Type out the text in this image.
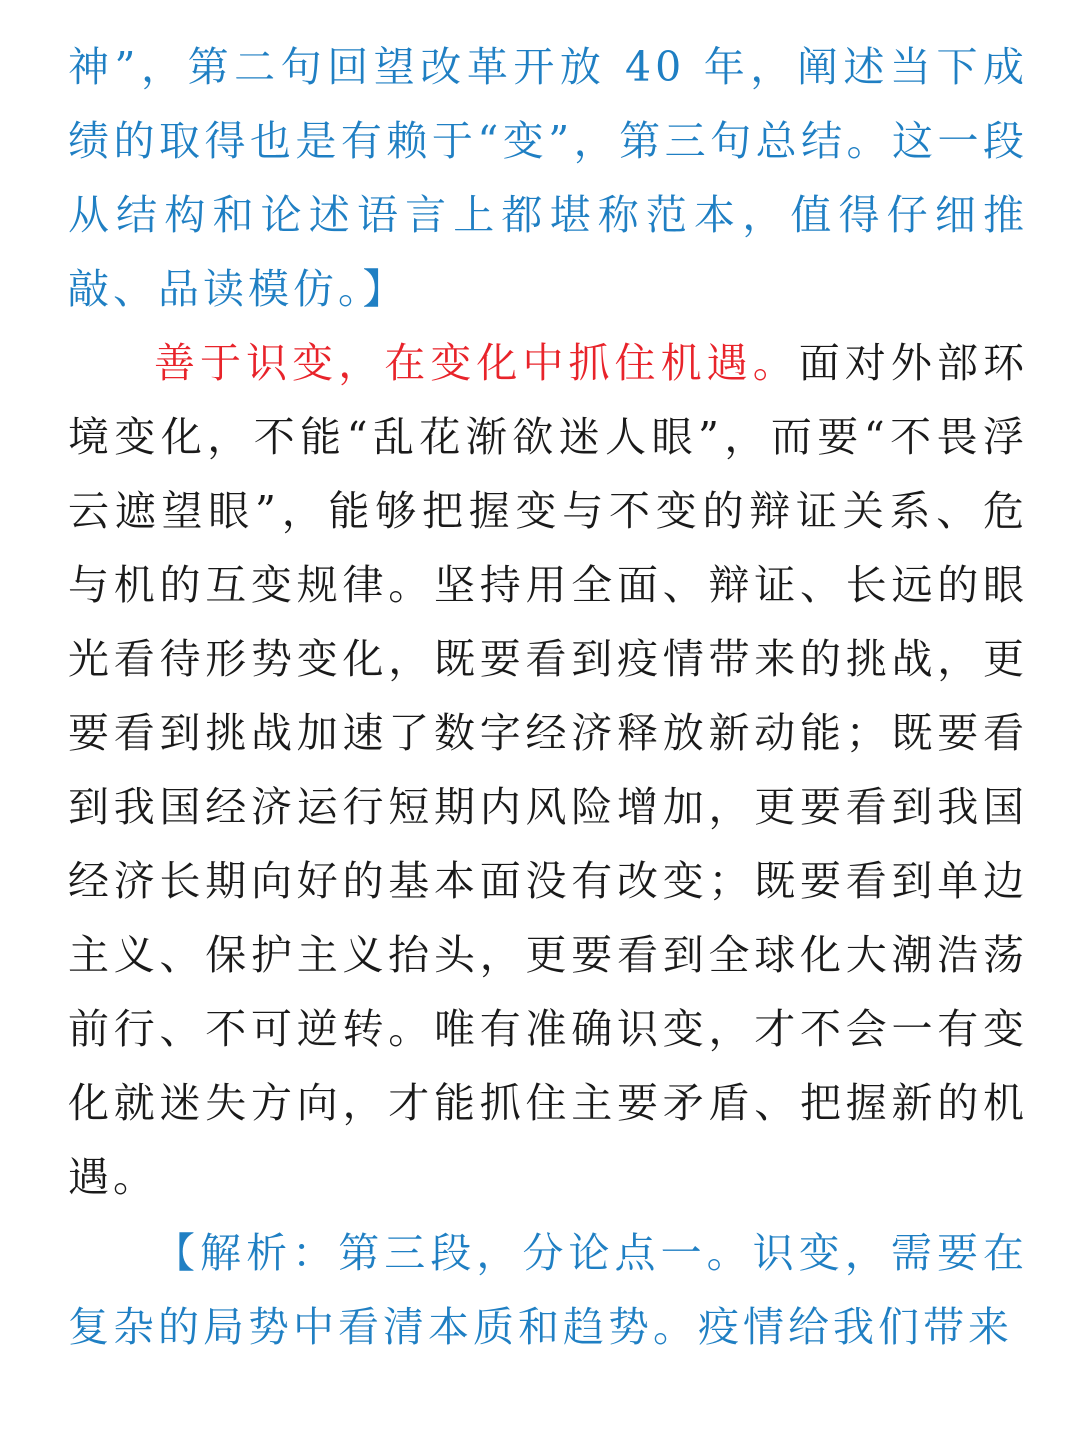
神”，第二句回望改革开放 40 年，阐述当下成绩的取得也是有赖于“变”，第三句总结。这一段从结构和论述语言上都堪称范本，值得仔细推敲、品读模仿。】

善于识变，在变化中抓住机遇。面对外部环境变化，不能“乱花渐欲迷人眼”，而要“不畏浮云遮望眼”，能够把握变与不变的辩证关系、危与机的互变规律。坚持用全面、辩证、长远的眼光看待形势变化，既要看到疫情带来的挑战，更要看到挑战加速了数字经济释放新动能；既要看到我国经济运行短期内风险增加，更要看到我国经济长期向好的基本面没有改变；既要看到单边主义、保护主义抬头，更要看到全球化大潮浩荡前行、不可逆转。唯有准确识变，才不会一有变化就迷失方向，才能抓住主要矛盾、把握新的机遇。

【解析：第三段，分论点一。识变，需要在复杂的局势中看清本质和趋势。疫情给我们带来
